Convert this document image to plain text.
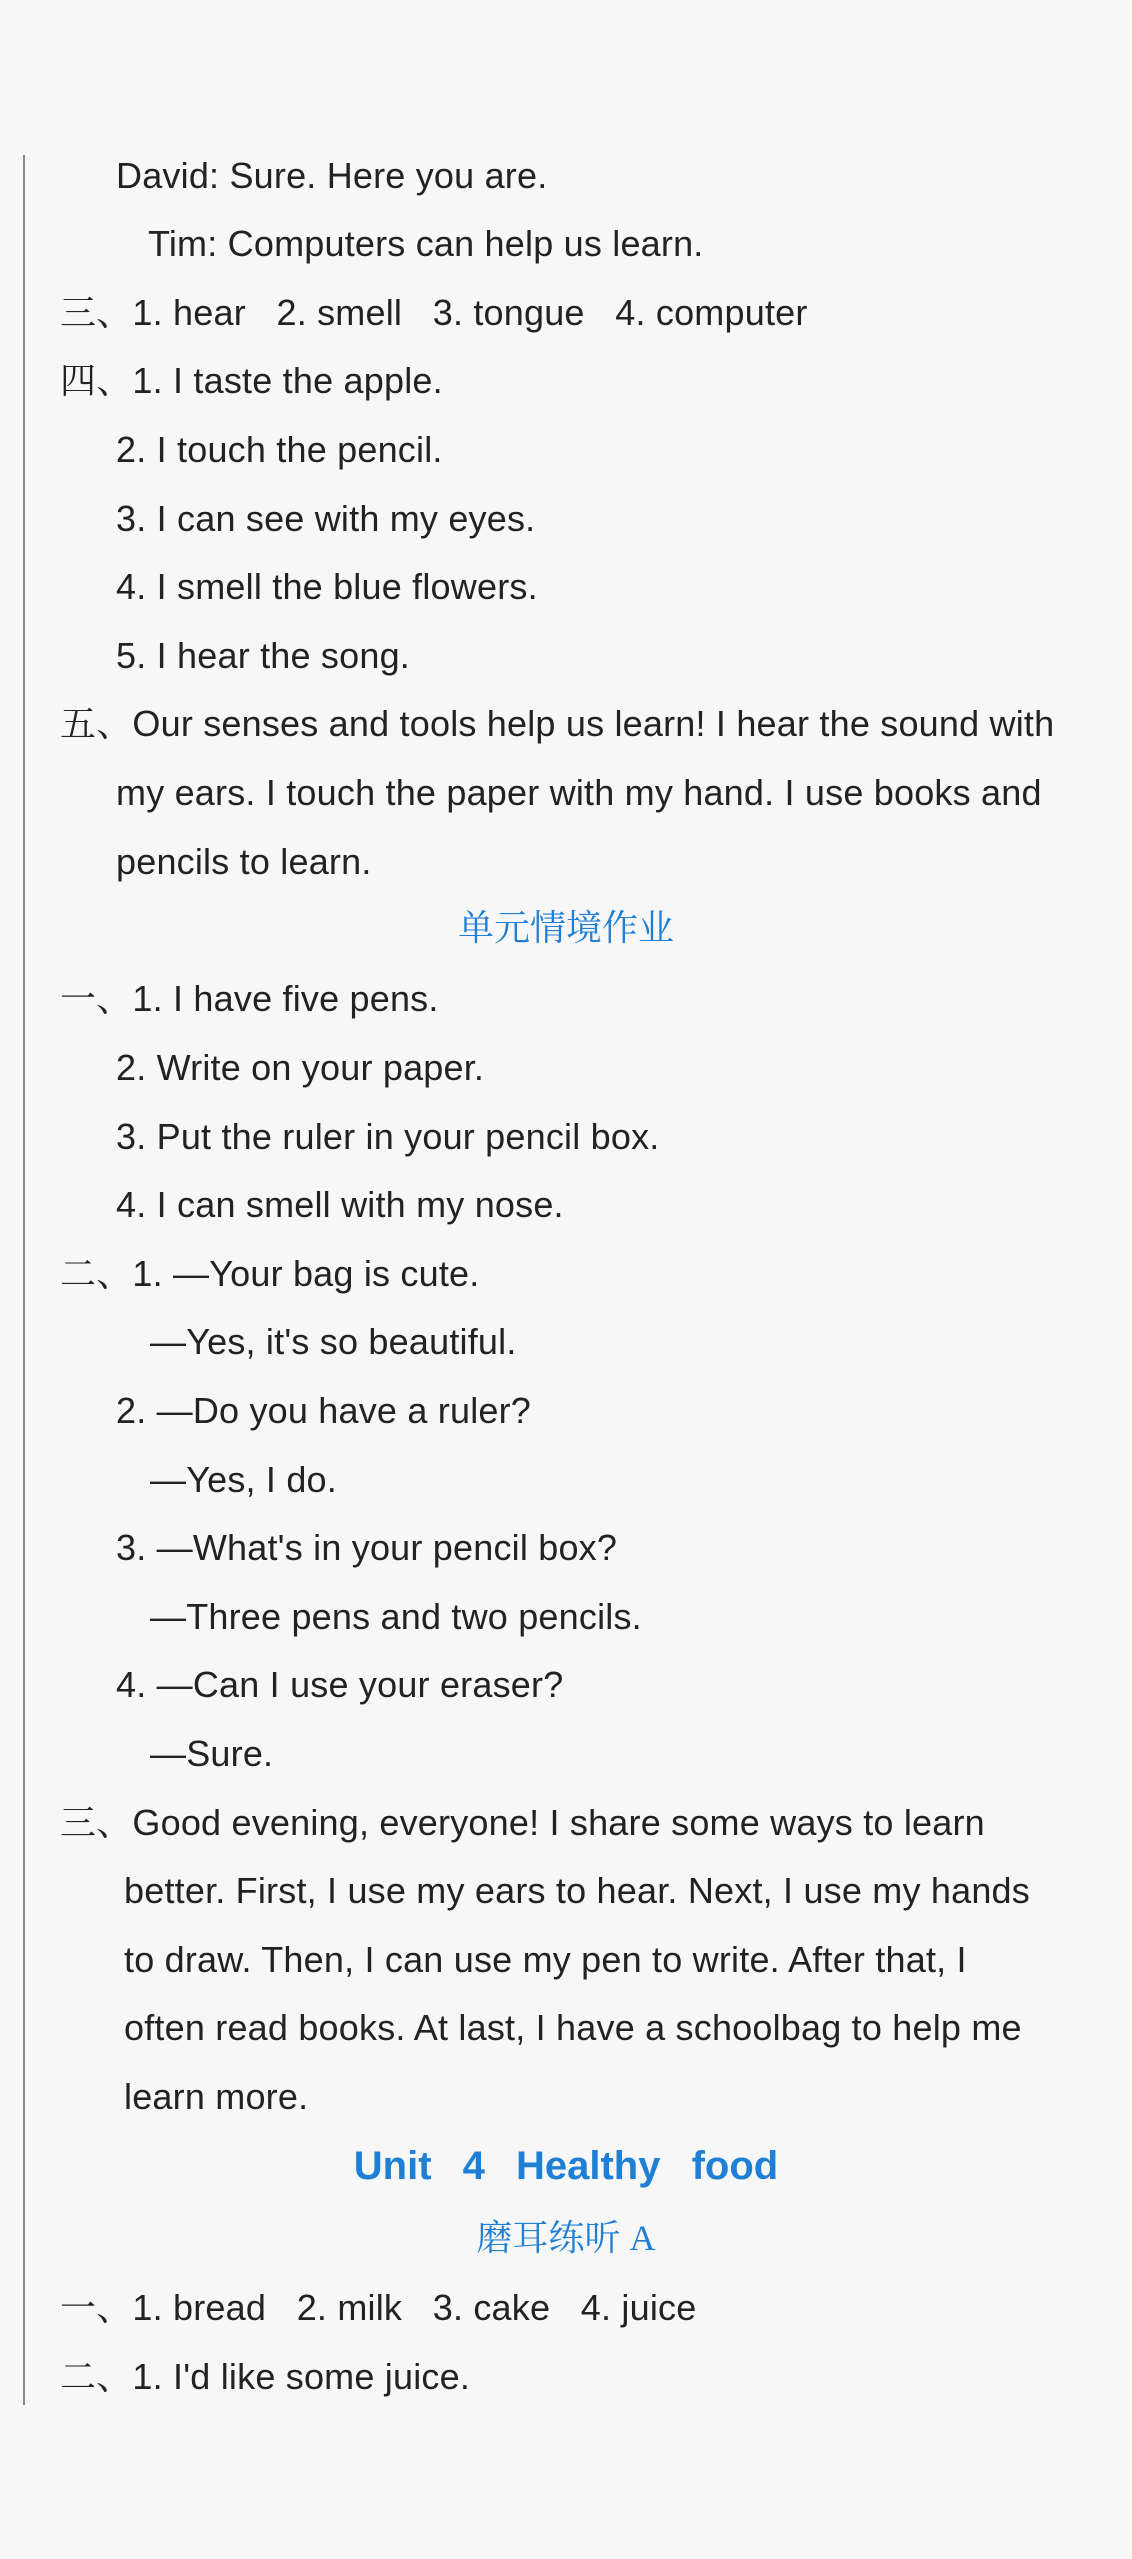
David: Sure. Here you are.
Tim: Computers can help us learn.
三、1. hear   2. smell   3. tongue   4. computer
四、1. I taste the apple.
2. I touch the pencil.
3. I can see with my eyes.
4. I smell the blue flowers.
5. I hear the song.
五、Our senses and tools help us learn! I hear the sound with
my ears. I touch the paper with my hand. I use books and
pencils to learn.
单元情境作业
一、1. I have five pens.
2. Write on your paper.
3. Put the ruler in your pencil box.
4. I can smell with my nose.
二、1. —Your bag is cute.
—Yes, it's so beautiful.
2. —Do you have a ruler?
—Yes, I do.
3. —What's in your pencil box?
—Three pens and two pencils.
4. —Can I use your eraser?
—Sure.
三、Good evening, everyone! I share some ways to learn
better. First, I use my ears to hear. Next, I use my hands
to draw. Then, I can use my pen to write. After that, I
often read books. At last, I have a schoolbag to help me
learn more.
Unit 4 Healthy food
磨耳练听 A
一、1. bread   2. milk   3. cake   4. juice
二、1. I'd like some juice.
